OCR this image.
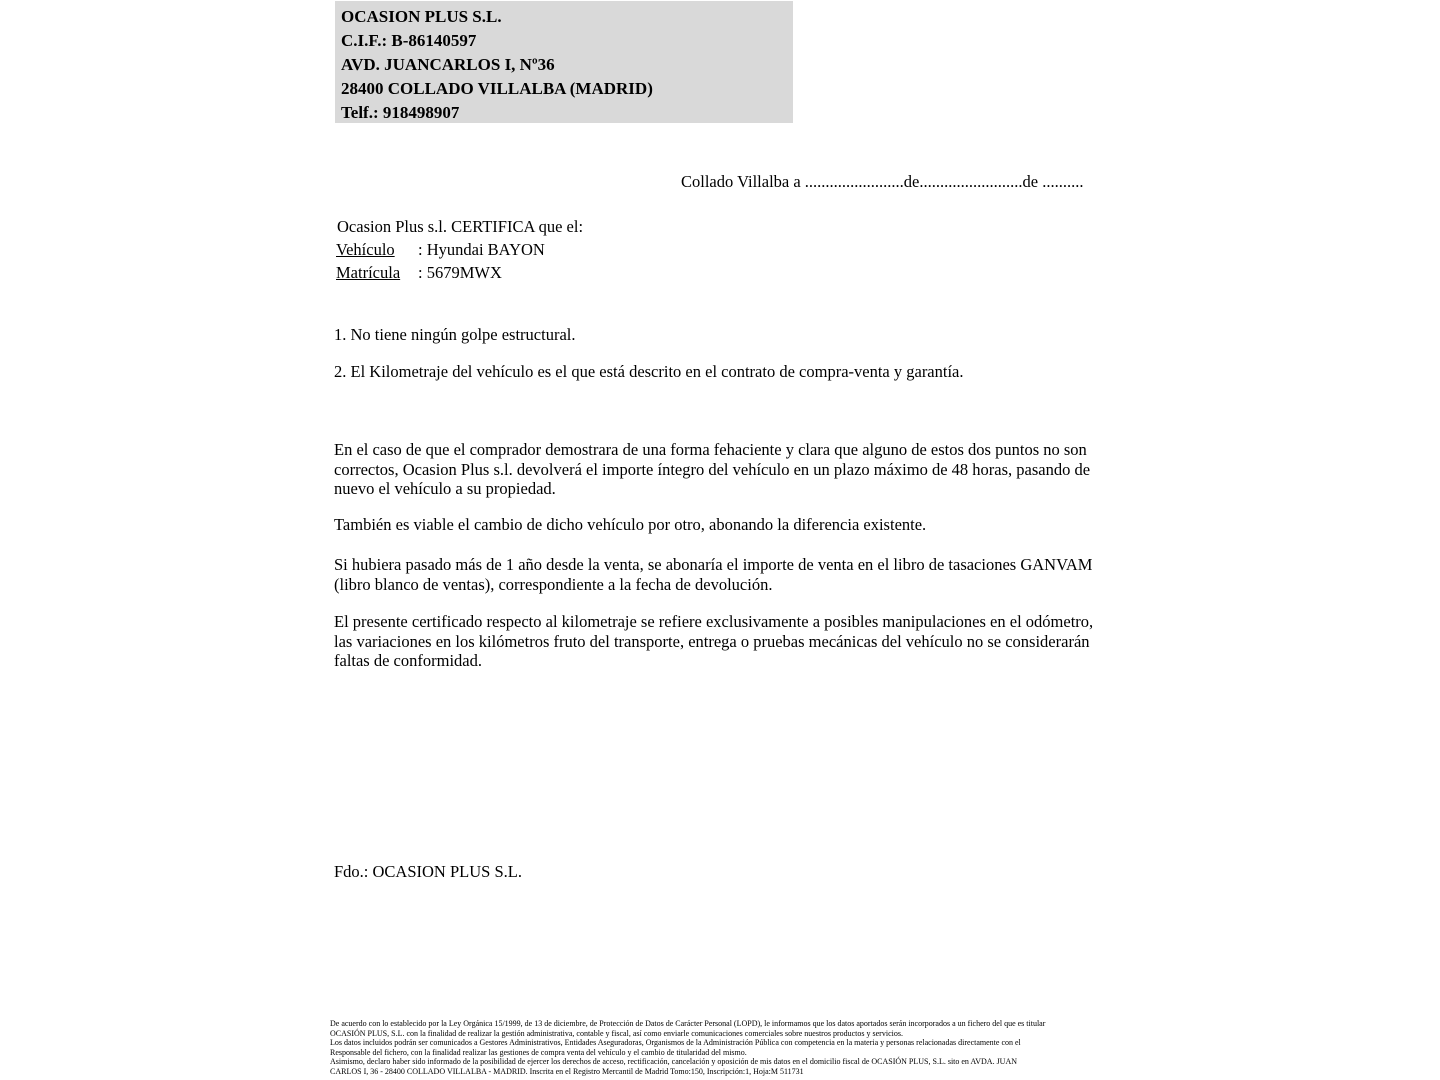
OCASION PLUS S.L.
C.I.F.: B-86140597
AVD. JUANCARLOS I, Nº36
28400 COLLADO VILLALBA (MADRID)
Telf.: 918498907
Collado Villalba a ........................de.........................de ..........
Ocasion Plus s.l. CERTIFICA que el:
Vehículo : Hyundai BAYON
Matrícula : 5679MWX
1. No tiene ningún golpe estructural.
2. El Kilometraje del vehículo es el que está descrito en el contrato de compra-venta y garantía.
En el caso de que el comprador demostrara de una forma fehaciente y clara que alguno de estos dos puntos no son correctos, Ocasion Plus s.l. devolverá el importe íntegro del vehículo en un plazo máximo de 48 horas, pasando de nuevo el vehículo a su propiedad.
También es viable el cambio de dicho vehículo por otro, abonando la diferencia existente.
Si hubiera pasado más de 1 año desde la venta, se abonaría el importe de venta en el libro de tasaciones GANVAM (libro blanco de ventas), correspondiente a la fecha de devolución.
El presente certificado respecto al kilometraje se refiere exclusivamente a posibles manipulaciones en el odómetro, las variaciones en los kilómetros fruto del transporte, entrega o pruebas mecánicas del vehículo no se considerarán faltas de conformidad.
Fdo.: OCASION PLUS S.L.
De acuerdo con lo establecido por la Ley Orgánica 15/1999, de 13 de diciembre, de Protección de Datos de Carácter Personal (LOPD), le informamos que los datos aportados serán incorporados a un fichero del que es titular
OCASIÓN PLUS, S.L. con la finalidad de realizar la gestión administrativa, contable y fiscal, así como enviarle comunicaciones comerciales sobre nuestros productos y servicios.
Los datos incluidos podrán ser comunicados a Gestores Administrativos, Entidades Aseguradoras, Organismos de la Administración Pública con competencia en la materia y personas relacionadas directamente con el
Responsable del fichero, con la finalidad realizar las gestiones de compra venta del vehículo y el cambio de titularidad del mismo.
Asimismo, declaro haber sido informado de la posibilidad de ejercer los derechos de acceso, rectificación, cancelación y oposición de mis datos en el domicilio fiscal de OCASIÓN PLUS, S.L. sito en AVDA. JUAN
CARLOS I, 36 - 28400 COLLADO VILLALBA - MADRID. Inscrita en el Registro Mercantil de Madrid Tomo:150, Inscripción:1, Hoja:M 511731
